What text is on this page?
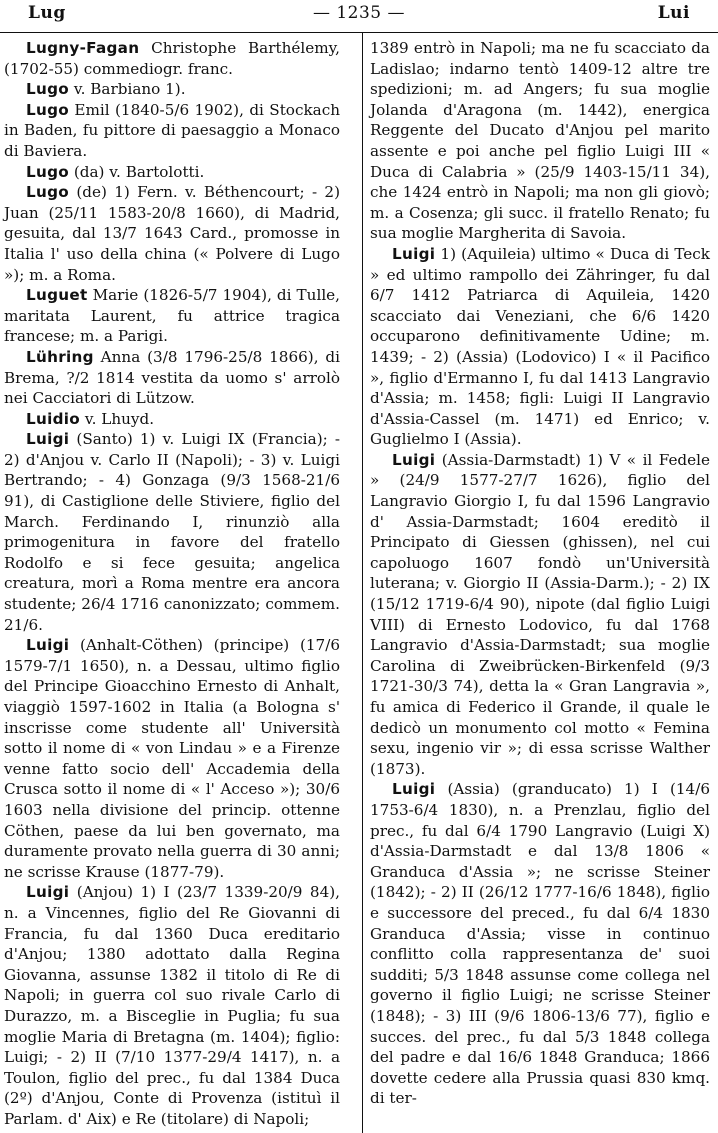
Lug	— 1235 —	Lui

Lugny-Fagan Christophe Barthélemy, (1702-55) commediogr. franc.

Lugo v. Barbiano 1).

Lugo Emil (1840-5/6 1902), di Stockach in Baden, fu pittore di paesaggio a Monaco di Baviera.

Lugo (da) v. Bartolotti.

Lugo (de) 1) Fern. v. Béthencourt; - 2) Juan (25/11 1583-20/8 1660), di Madrid, gesuita, dal 13/7 1643 Card., promosse in Italia l' uso della china (« Polvere di Lugo »); m. a Roma.

Luguet Marie (1826-5/7 1904), di Tulle, maritata Laurent, fu attrice tragica francese; m. a Parigi.

Lühring Anna (3/8 1796-25/8 1866), di Brema, ?/2 1814 vestita da uomo s' arrolò nei Cacciatori di Lützow.

Luidio v. Lhuyd.

Luigi (Santo) 1) v. Luigi IX (Francia); - 2) d'Anjou v. Carlo II (Napoli); - 3) v. Luigi Bertrando; - 4) Gonzaga (9/3 1568-21/6 91), di Castiglione delle Stiviere, figlio del March. Ferdinando I, rinunziò alla primogenitura in favore del fratello Rodolfo e si fece gesuita; angelica creatura, morì a Roma mentre era ancora studente; 26/4 1716 canonizzato; commem. 21/6.

Luigi (Anhalt-Cöthen) (principe) (17/6 1579-7/1 1650), n. a Dessau, ultimo figlio del Principe Gioacchino Ernesto di Anhalt, viaggiò 1597-1602 in Italia (a Bologna s' inscrisse come studente all' Università sotto il nome di « von Lindau » e a Firenze venne fatto socio dell' Accademia della Crusca sotto il nome di « l' Acceso »); 30/6 1603 nella divisione del princip. ottenne Cöthen, paese da lui ben governato, ma duramente provato nella guerra di 30 anni; ne scrisse Krause (1877-79).

Luigi (Anjou) 1) I (23/7 1339-20/9 84), n. a Vincennes, figlio del Re Giovanni di Francia, fu dal 1360 Duca ereditario d'Anjou; 1380 adottato dalla Regina Giovanna, assunse 1382 il titolo di Re di Napoli; in guerra col suo rivale Carlo di Durazzo, m. a Bisceglie in Puglia; fu sua moglie Maria di Bretagna (m. 1404); figlio: Luigi; - 2) II (7/10 1377-29/4 1417), n. a Toulon, figlio del prec., fu dal 1384 Duca (2º) d'Anjou, Conte di Provenza (istituì il Parlam. d' Aix) e Re (titolare) di Napoli;

1389 entrò in Napoli; ma ne fu scacciato da Ladislao; indarno tentò 1409-12 altre tre spedizioni; m. ad Angers; fu sua moglie Jolanda d'Aragona (m. 1442), energica Reggente del Ducato d'Anjou pel marito assente e poi anche pel figlio Luigi III « Duca di Calabria » (25/9 1403-15/11 34), che 1424 entrò in Napoli; ma non gli giovò; m. a Cosenza; gli succ. il fratello Renato; fu sua moglie Margherita di Savoia.

Luigi 1) (Aquileia) ultimo « Duca di Teck » ed ultimo rampollo dei Zähringer, fu dal 6/7 1412 Patriarca di Aquileia, 1420 scacciato dai Veneziani, che 6/6 1420 occuparono definitivamente Udine; m. 1439; - 2) (Assia) (Lodovico) I « il Pacifico », figlio d'Ermanno I, fu dal 1413 Langravio d'Assia; m. 1458; figli: Luigi II Langravio d'Assia-Cassel (m. 1471) ed Enrico; v. Guglielmo I (Assia).

Luigi (Assia-Darmstadt) 1) V « il Fedele » (24/9 1577-27/7 1626), figlio del Langravio Giorgio I, fu dal 1596 Langravio d' Assia-Darmstadt; 1604 ereditò il Principato di Giessen (ghissen), nel cui capoluogo 1607 fondò un'Università luterana; v. Giorgio II (Assia-Darm.); - 2) IX (15/12 1719-6/4 90), nipote (dal figlio Luigi VIII) di Ernesto Lodovico, fu dal 1768 Langravio d'Assia-Darmstadt; sua moglie Carolina di Zweibrücken-Birkenfeld (9/3 1721-30/3 74), detta la « Gran Langravia », fu amica di Federico il Grande, il quale le dedicò un monumento col motto « Femina sexu, ingenio vir »; di essa scrisse Walther (1873).

Luigi (Assia) (granducato) 1) I (14/6 1753-6/4 1830), n. a Prenzlau, figlio del prec., fu dal 6/4 1790 Langravio (Luigi X) d'Assia-Darmstadt e dal 13/8 1806 « Granduca d'Assia »; ne scrisse Steiner (1842); - 2) II (26/12 1777-16/6 1848), figlio e successore del preced., fu dal 6/4 1830 Granduca d'Assia; visse in continuo conflitto colla rappresentanza de' suoi sudditi; 5/3 1848 assunse come collega nel governo il figlio Luigi; ne scrisse Steiner (1848); - 3) III (9/6 1806-13/6 77), figlio e succes. del prec., fu dal 5/3 1848 collega del padre e dal 16/6 1848 Granduca; 1866 dovette cedere alla Prussia quasi 830 kmq. di ter-
